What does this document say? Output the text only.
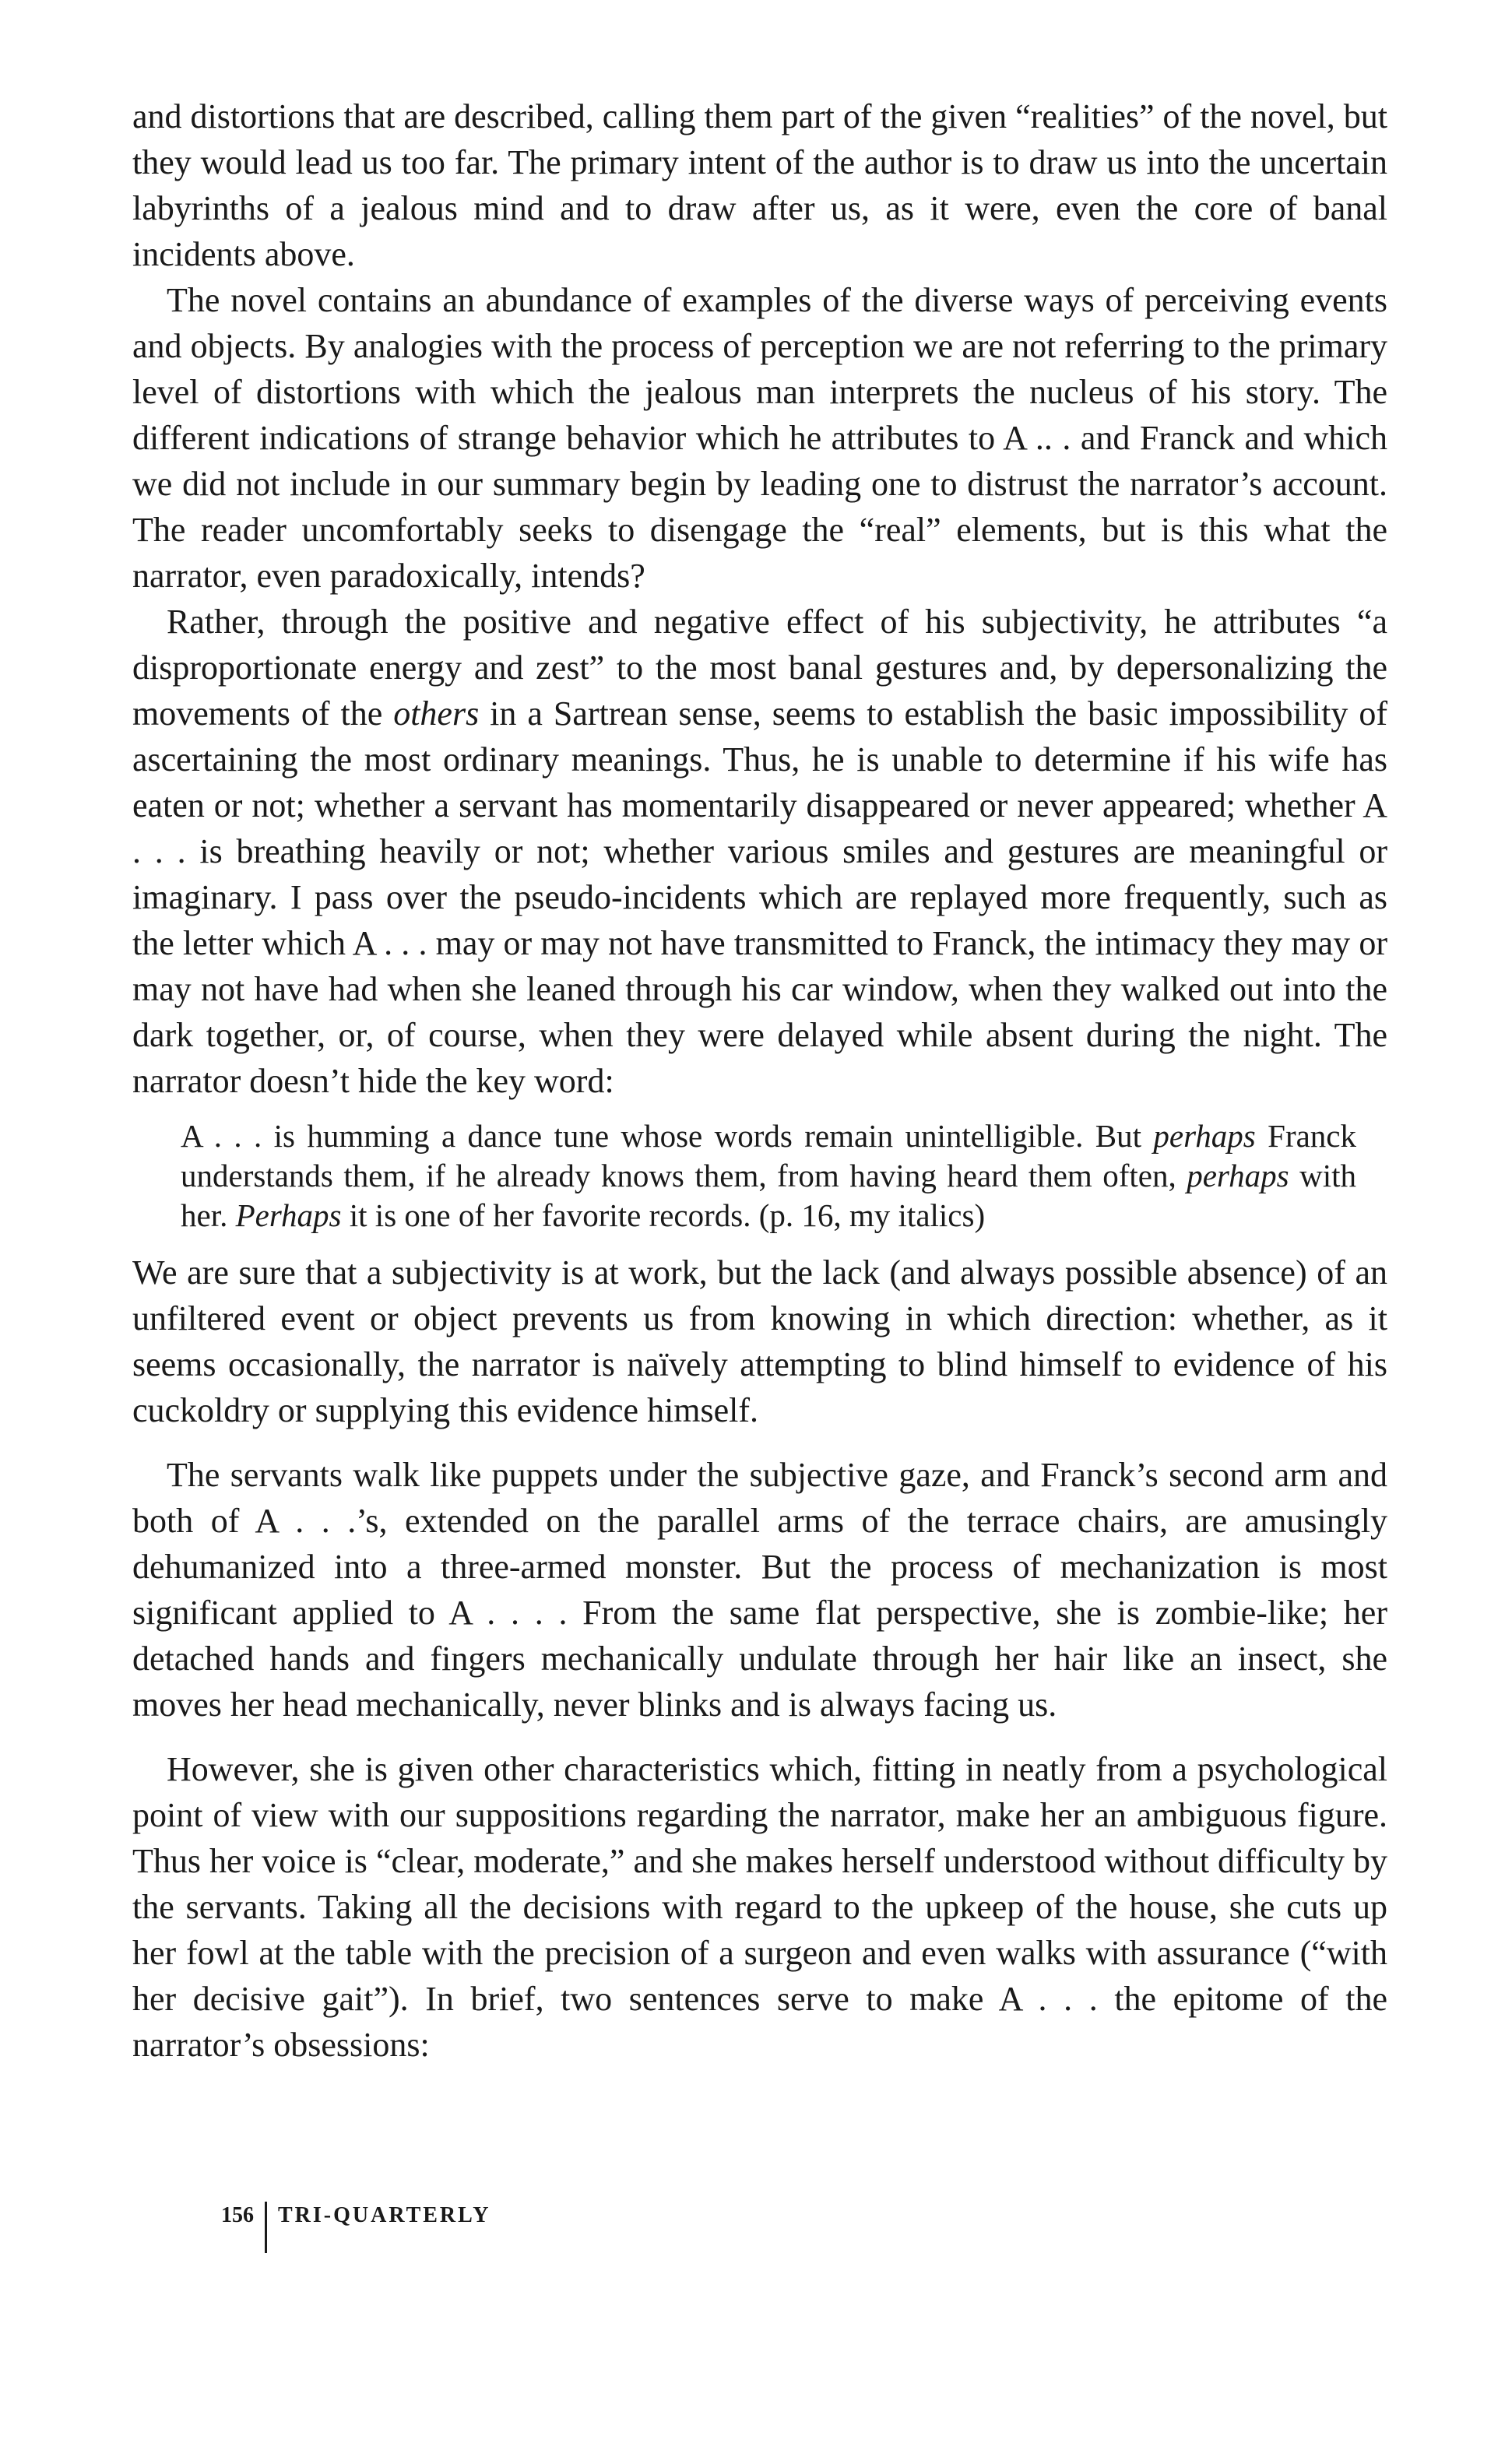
and distortions that are described, calling them part of the given “realities” of the novel, but they would lead us too far. The primary intent of the author is to draw us into the uncertain labyrinths of a jealous mind and to draw after us, as it were, even the core of banal incidents above.

The novel contains an abundance of examples of the diverse ways of perceiving events and objects. By analogies with the process of perception we are not referring to the primary level of distortions with which the jealous man interprets the nucleus of his story. The different indications of strange behavior which he attributes to A .. . and Franck and which we did not include in our summary begin by leading one to distrust the narrator’s account. The reader uncomfortably seeks to disengage the “real” elements, but is this what the narrator, even paradoxically, intends?

Rather, through the positive and negative effect of his subjectivity, he attributes “a disproportionate energy and zest” to the most banal gestures and, by depersonalizing the movements of the others in a Sartrean sense, seems to establish the basic impossibility of ascertaining the most ordinary meanings. Thus, he is unable to determine if his wife has eaten or not; whether a servant has momentarily disappeared or never appeared; whether A . . . is breathing heavily or not; whether various smiles and gestures are meaningful or imaginary. I pass over the pseudo-incidents which are replayed more frequently, such as the letter which A . . . may or may not have transmitted to Franck, the intimacy they may or may not have had when she leaned through his car window, when they walked out into the dark together, or, of course, when they were delayed while absent during the night. The narrator doesn’t hide the key word:

A . . . is humming a dance tune whose words remain unintelligible. But perhaps Franck understands them, if he already knows them, from having heard them often, perhaps with her. Perhaps it is one of her favorite records. (p. 16, my italics)

We are sure that a subjectivity is at work, but the lack (and always possible absence) of an unfiltered event or object prevents us from knowing in which direction: whether, as it seems occasionally, the narrator is naïvely attempting to blind himself to evidence of his cuckoldry or supplying this evidence himself.

The servants walk like puppets under the subjective gaze, and Franck’s second arm and both of A . . .’s, extended on the parallel arms of the terrace chairs, are amusingly dehumanized into a three-armed monster. But the process of mechanization is most significant applied to A . . . . From the same flat perspective, she is zombie-like; her detached hands and fingers mechanically undulate through her hair like an insect, she moves her head mechanically, never blinks and is always facing us.

However, she is given other characteristics which, fitting in neatly from a psychological point of view with our suppositions regarding the narrator, make her an ambiguous figure. Thus her voice is “clear, moderate,” and she makes herself understood without difficulty by the servants. Taking all the decisions with regard to the upkeep of the house, she cuts up her fowl at the table with the precision of a surgeon and even walks with assurance (“with her decisive gait”). In brief, two sentences serve to make A . . . the epitome of the narrator’s obsessions:

156	TRI-QUARTERLY
